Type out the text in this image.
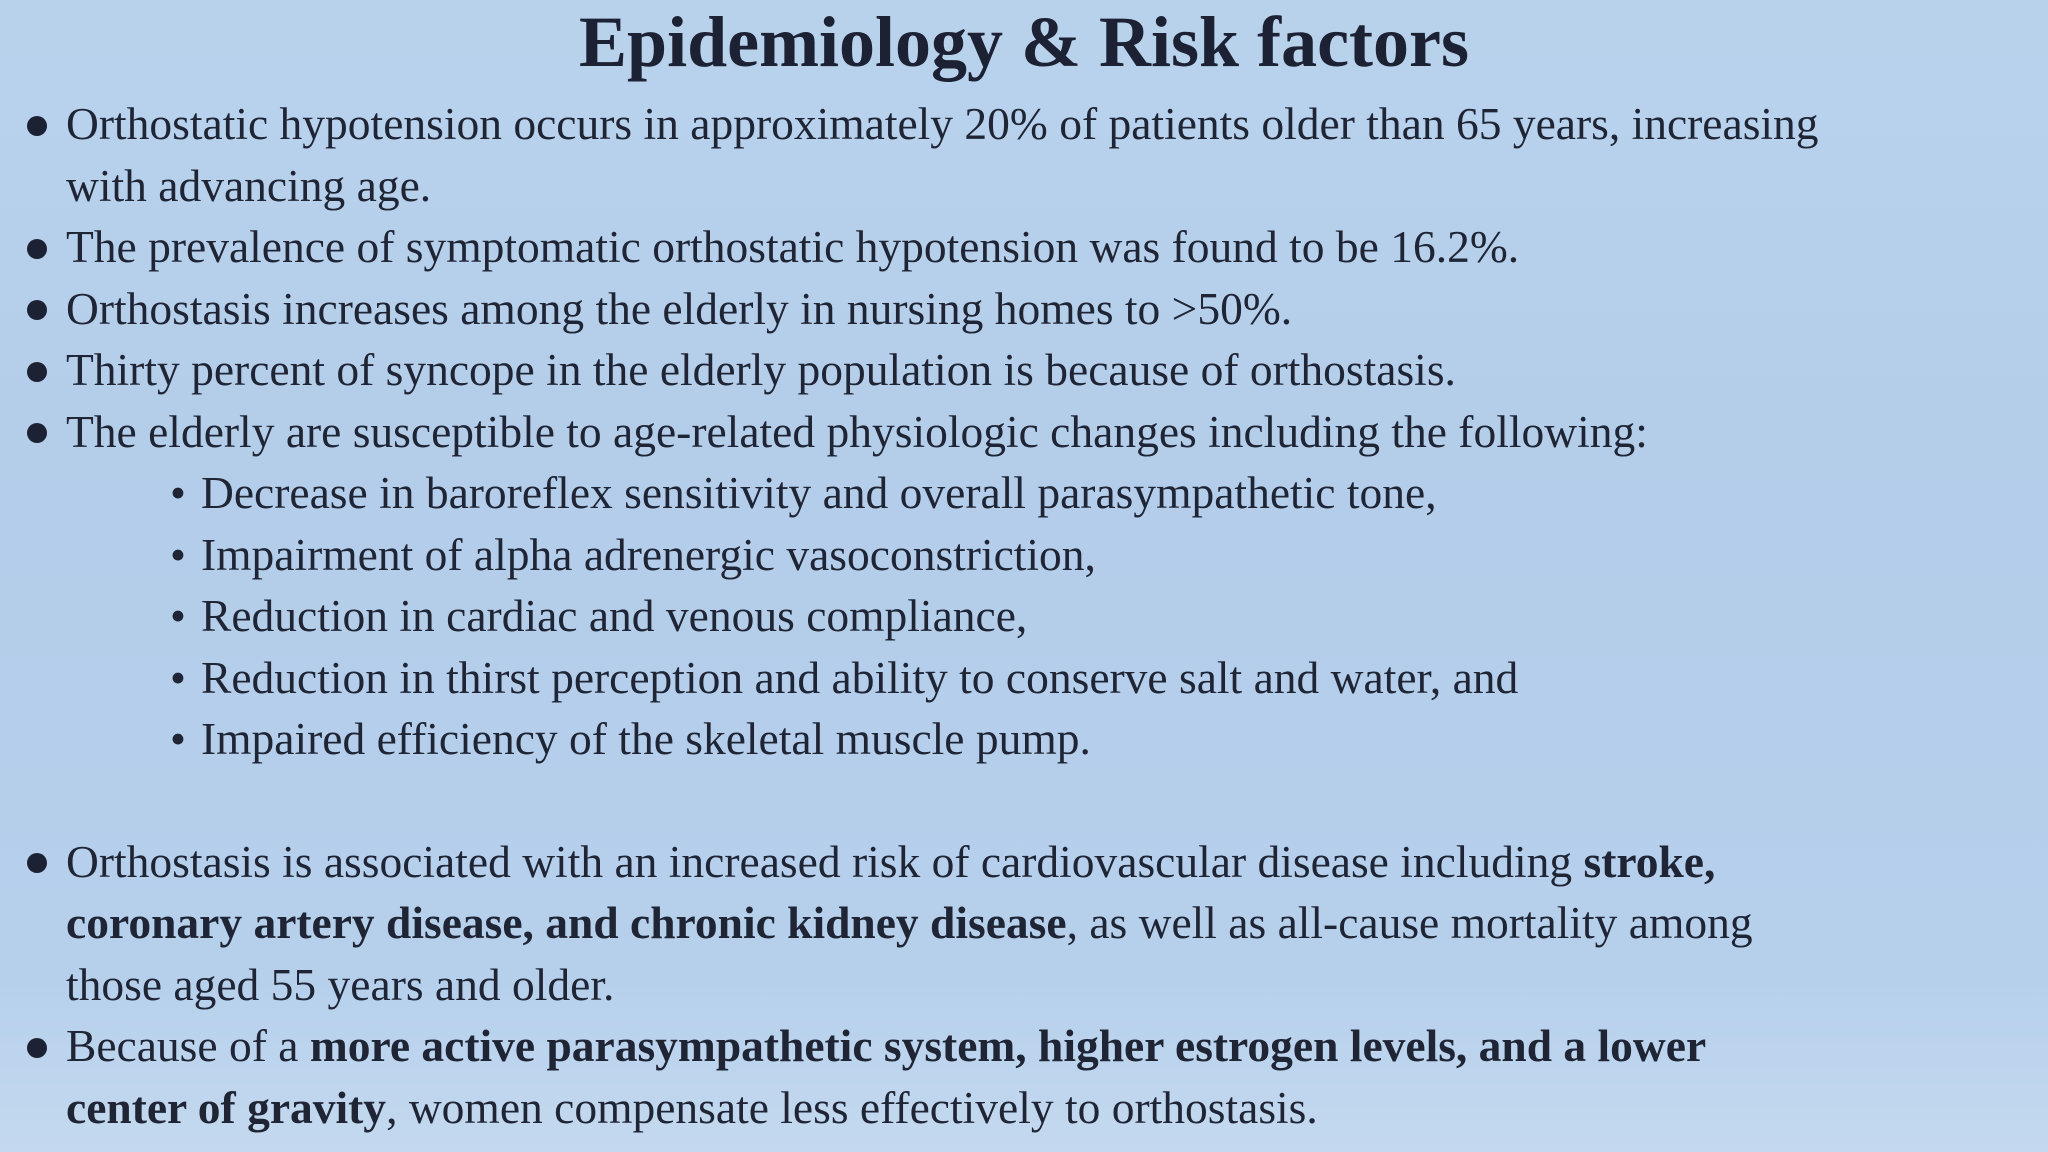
Epidemiology & Risk factors
Orthostatic hypotension occurs in approximately 20% of patients older than 65 years, increasing
with advancing age.
The prevalence of symptomatic orthostatic hypotension was found to be 16.2%.
Orthostasis increases among the elderly in nursing homes to >50%.
Thirty percent of syncope in the elderly population is because of orthostasis.
The elderly are susceptible to age-related physiologic changes including the following:
• Decrease in baroreflex sensitivity and overall parasympathetic tone,
• Impairment of alpha adrenergic vasoconstriction,
• Reduction in cardiac and venous compliance,
• Reduction in thirst perception and ability to conserve salt and water, and
• Impaired efficiency of the skeletal muscle pump.
Orthostasis is associated with an increased risk of cardiovascular disease including stroke,
coronary artery disease, and chronic kidney disease, as well as all-cause mortality among
those aged 55 years and older.
Because of a more active parasympathetic system, higher estrogen levels, and a lower
center of gravity, women compensate less effectively to orthostasis.
